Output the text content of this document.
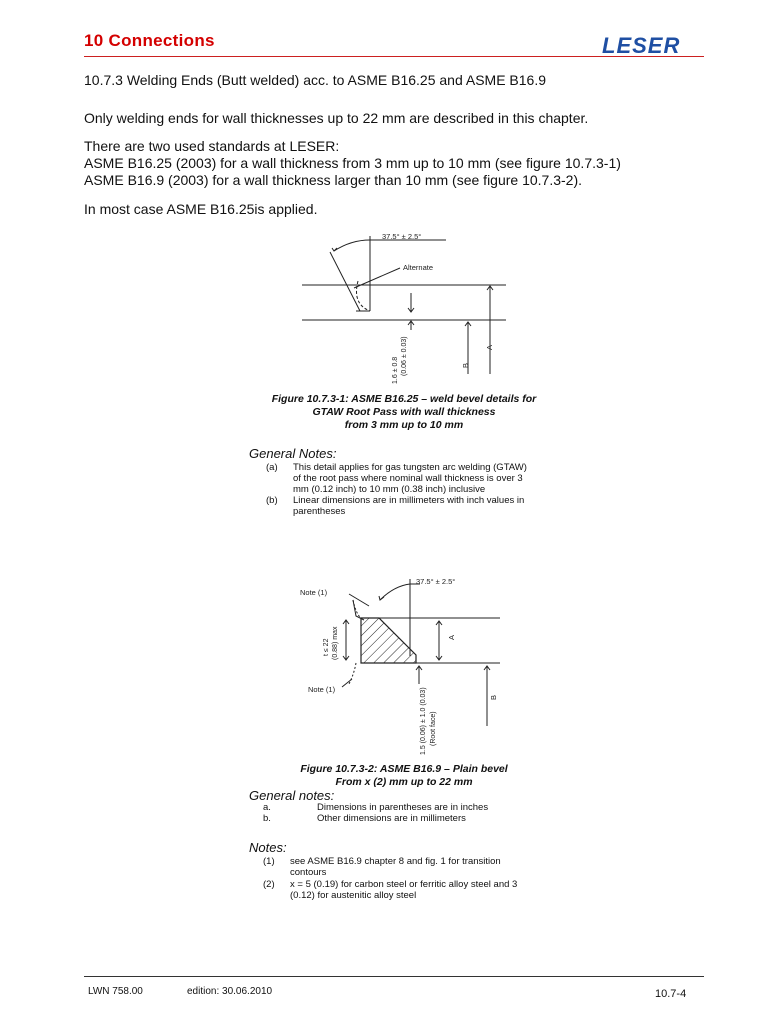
10 Connections	LESER
10.7.3 Welding Ends (Butt welded) acc. to ASME B16.25 and ASME B16.9
Only welding ends for wall thicknesses up to 22 mm are described in this chapter.
There are two used standards at LESER:
ASME B16.25 (2003) for a wall thickness from 3 mm up to 10 mm (see figure 10.7.3-1)
ASME B16.9 (2003) for a wall thickness larger than 10 mm (see figure 10.7.3-2).
In most case ASME B16.25is applied.
37.5° ± 2.5°
Alternate
1.6 ± 0.8 (0.06 ± 0.03)	B
A
Figure 10.7.3-1: ASME B16.25 – weld bevel details for
GTAW Root Pass with wall thickness
from 3 mm up to 10 mm
General Notes:
(a) This detail applies for gas tungsten arc welding (GTAW)
of the root pass where nominal wall thickness is over 3
mm (0.12 inch) to 10 mm (0.38 inch) inclusive
(b) Linear dimensions are in millimeters with inch values in
parentheses
37.5° ± 2.5°
Note (1)
Note (1)
t ≤ 22 (0.88) max	A
B
1.5 (0.06) ± 1.0 (0.03) (Root face)
Figure 10.7.3-2: ASME B16.9 – Plain bevel
From x (2) mm up to 22 mm
General notes:
a.	Dimensions in parentheses are in inches
b.	Other dimensions are in millimeters
Notes:
(1) see ASME B16.9 chapter 8 and fig. 1 for transition
contours
(2) x = 5 (0.19) for carbon steel or ferritic alloy steel and 3
(0.12) for austenitic alloy steel
LWN 758.00	edition: 30.06.2010	10.7-4
